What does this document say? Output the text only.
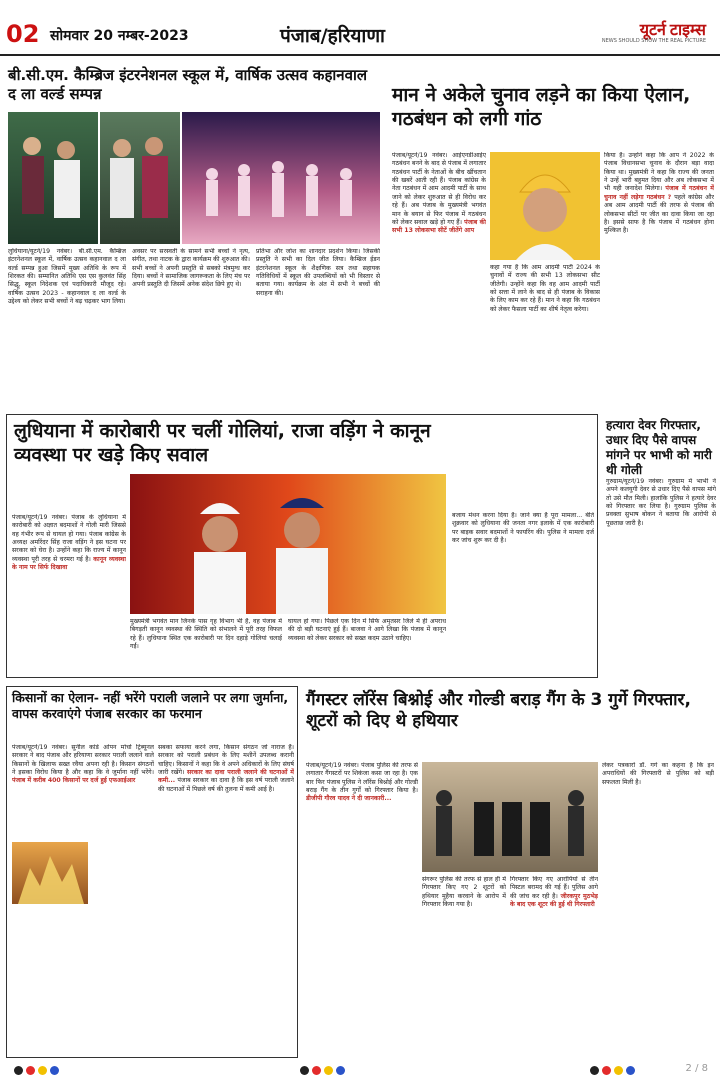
02 सोमवार 20 नम्बर-2023	पंजाब/हरियाणा	यूटर्न टाइम्स
NEWS SHOULD SHOW THE REAL PICTURE
बी.सी.एम. कैम्ब्रिज इंटरनेशनल स्कूल में, वार्षिक उत्सव कहानवाल द ला वर्ल्ड सम्पन्न
लुधियाना/यूटर्न/19 नवंबर। बी.सी.एम. कैम्ब्रिज इंटरनेशनल स्कूल में, वार्षिक उत्सव कहानवाल द ला वर्ल्ड सम्पन्न हुआ जिसमें मुख्य अतिथि के रूप में शिरकत की। सम्मानित अतिथि एस एस कुलवंत सिंह सिद्धू, स्कूल निदेशक एवं पदाधिकारी मौजूद रहे। वार्षिक उत्सव 2023 - कहानवाल द ला वर्ल्ड के उद्देश्य को लेकर सभी बच्चों ने बढ़ चढ़कर भाग लिया।
अवसर पर सरस्वती के सामने सभी बच्चों ने नृत्य, संगीत, तथा नाटक के द्वारा कार्यक्रम की शुरुआत की। सभी बच्चों ने अपनी प्रस्तुति से सबको मंत्रमुग्ध कर दिया। बच्चों ने सामाजिक जागरूकता के लिए मंच पर अपनी प्रस्तुति दी जिसमें अनेक संदेश छिपे हुए थे।
प्रतिभा और जोश का शानदार प्रदर्शन किया। जिसकी प्रस्तुति ने सभी का दिल जीत लिया। कैम्ब्रिज ईडन इंटरनेशनल स्कूल के शैक्षणिक सत्र तथा सहायक गतिविधियों में स्कूल की उपलब्धियों को भी विस्तार से बताया गया। कार्यक्रम के अंत में सभी ने बच्चों की सराहना की।
मान ने अकेले चुनाव लड़ने का किया ऐलान, गठबंधन को लगी गांठ
पंजाब/यूटर्न/19 नवंबर। आईएनडीआईए गठबंधन बनने के बाद से पंजाब में लगातार गठबंधन पार्टी के नेताओं के बीच खींचतान की खबरें आती रही हैं। पंजाब कांग्रेस के नेता गठबंधन में आम आदमी पार्टी के साथ जाने को लेकर शुरुआत से ही विरोध कर रहे हैं। अब पंजाब के मुख्यमंत्री भगवंत मान के बयान से फिर पंजाब में गठबंधन को लेकर सवाल खड़े हो गए हैं। पंजाब की सभी 13 लोकसभा सीटें जीतेंगे आप
कहा गया है कि आम आदमी पार्टी 2024 के चुनावों में राज्य की सभी 13 लोकसभा सीट जीतेगी। उन्होंने कहा कि वह आम आदमी पार्टी को सत्ता में लाने के बाद से ही पंजाब के विकास के लिए काम कर रहे हैं। मान ने कहा कि गठबंधन को लेकर फैसला पार्टी का शीर्ष नेतृत्व करेगा।
किया है। उन्होंने कहा कि आप ने 2022 के पंजाब विधानसभा चुनाव के दौरान बड़ा वादा किया था। मुख्यमंत्री ने कहा कि राज्य की जनता ने उन्हें भारी बहुमत दिया और अब लोकसभा में भी यही जनादेश मिलेगा। पंजाब में गठबंधन में चुनाव नहीं लड़ेगा गठबंधन ? पहले कांग्रेस और अब आम आदमी पार्टी की तरफ से पंजाब की लोकसभा सीटों पर जीत का दावा किया जा रहा है। इससे साफ है कि पंजाब में गठबंधन होना मुश्किल है।
लुधियाना में कारोबारी पर चलीं गोलियां, राजा वड़िंग ने कानून व्यवस्था पर खड़े किए सवाल
पंजाब/यूटर्न/19 नवंबर। पंजाब के लुधियाना में कारोबारी को अज्ञात बदमाशों ने गोली मारी जिससे वह गंभीर रूप से घायल हो गया। पंजाब कांग्रेस के अध्यक्ष अमरिंदर सिंह राजा वड़िंग ने इस घटना पर सरकार को घेरा है। उन्होंने कहा कि राज्य में कानून व्यवस्था पूरी तरह से चरमरा गई है। कानून व्यवस्था के नाम पर सिर्फ दिखावा
मुख्यमंत्री भगवंत मान जिनके पास गृह विभाग भी है, वह पंजाब में बिगड़ती कानून व्यवस्था की स्थिति को संभालने में पूरी तरह विफल रहे हैं। लुधियाना स्थित एक कारोबारी पर दिन दहाड़े गोलियां चलाई गईं।
घायल हो गया। पिछले एक दिन में सिर्फ अमृतसर जिले में ही अपराध की दो बड़ी घटनाएं हुई हैं। बाजवा ने आगे लिखा कि पंजाब में कानून व्यवस्था को लेकर सरकार को सख्त कदम उठाने चाहिए।
बजाय मंथन करना दिया है। जाने क्या है पूरा मामला... बीते शुक्रवार को लुधियाना की जनता नगर इलाके में एक कारोबारी पर बाइक सवार बदमाशों ने फायरिंग की। पुलिस ने मामला दर्ज कर जांच शुरू कर दी है।
हत्यारा देवर गिरफ्तार, उधार दिए पैसे वापस मांगने पर भाभी को मारी थी गोली
गुरुग्राम/यूटर्न/19 नवंबर। गुरुग्राम में भाभी ने अपने कलयुगी देवर से उधार दिए पैसे वापस मांगे तो उसे मौत मिली। हालांकि पुलिस ने हत्यारे देवर को गिरफ्तार कर लिया है। गुरुग्राम पुलिस के प्रवक्ता सुभाष बोकन ने बताया कि आरोपी से पूछताछ जारी है।
किसानों का ऐलान- नहीं भरेंगे पराली जलाने पर लगा जुर्माना, वापस करवाएंगे पंजाब सरकार का फरमान
पंजाब/यूटर्न/19 नवंबर। सुनील कांडे ओपन मोर्चा ट्रिब्यूनल सरकार ने बाद पंजाब और हरियाणा सरकार पराली जलाने वाले किसानों के खिलाफ सख्त रवैया अपना रही है। किसान संगठनों ने इसका विरोध किया है और कहा कि वे जुर्माना नहीं भरेंगे। पंजाब में करीब 400 किसानों पर दर्ज हुई एफआईआर
सबका सफाया करने लगा, किसान संगठन जो नाराज हैं। सरकार को पराली प्रबंधन के लिए मशीनें उपलब्ध करानी चाहिए। किसानों ने कहा कि वे अपने अधिकारों के लिए संघर्ष जारी रखेंगे। सरकार का दावा पराली जलाने की घटनाओं में कमी... पंजाब सरकार का दावा है कि इस वर्ष पराली जलाने की घटनाओं में पिछले वर्ष की तुलना में कमी आई है।
गैंगस्टर लॉरेंस बिश्नोई और गोल्डी बराड़ गैंग के 3 गुर्गे गिरफ्तार, शूटरों को दिए थे हथियार
पंजाब/यूटर्न/19 नवंबर। पंजाब पुलिस की तरफ से लगातार गैंगस्टरों पर शिकंजा कसा जा रहा है। एक बार फिर पंजाब पुलिस ने लॉरेंस बिश्नोई और गोल्डी बराड़ गैंग के तीन गुर्गों को गिरफ्तार किया है। डीजीपी गौरव यादव ने दी जानकारी...
संगरूर पुलिस की तरफ से हाल ही में गिरफ्तार किए गए 2 शूटरों को हथियार मुहैया करवाने के आरोप में गिरफ्तार किया गया है।
गिरफ्तार किए गए आरोपियों से तीन पिस्टल बरामद की गई हैं। पुलिस आगे की जांच कर रही है। जीरकपुर मुठभेड़ के बाद एक शूटर की हुई थी गिरफ्तारी
लेकर पत्रकारों डॉ. गर्ग का कहना है कि इन अपराधियों की गिरफ्तारी से पुलिस को बड़ी सफलता मिली है।
2 / 8
